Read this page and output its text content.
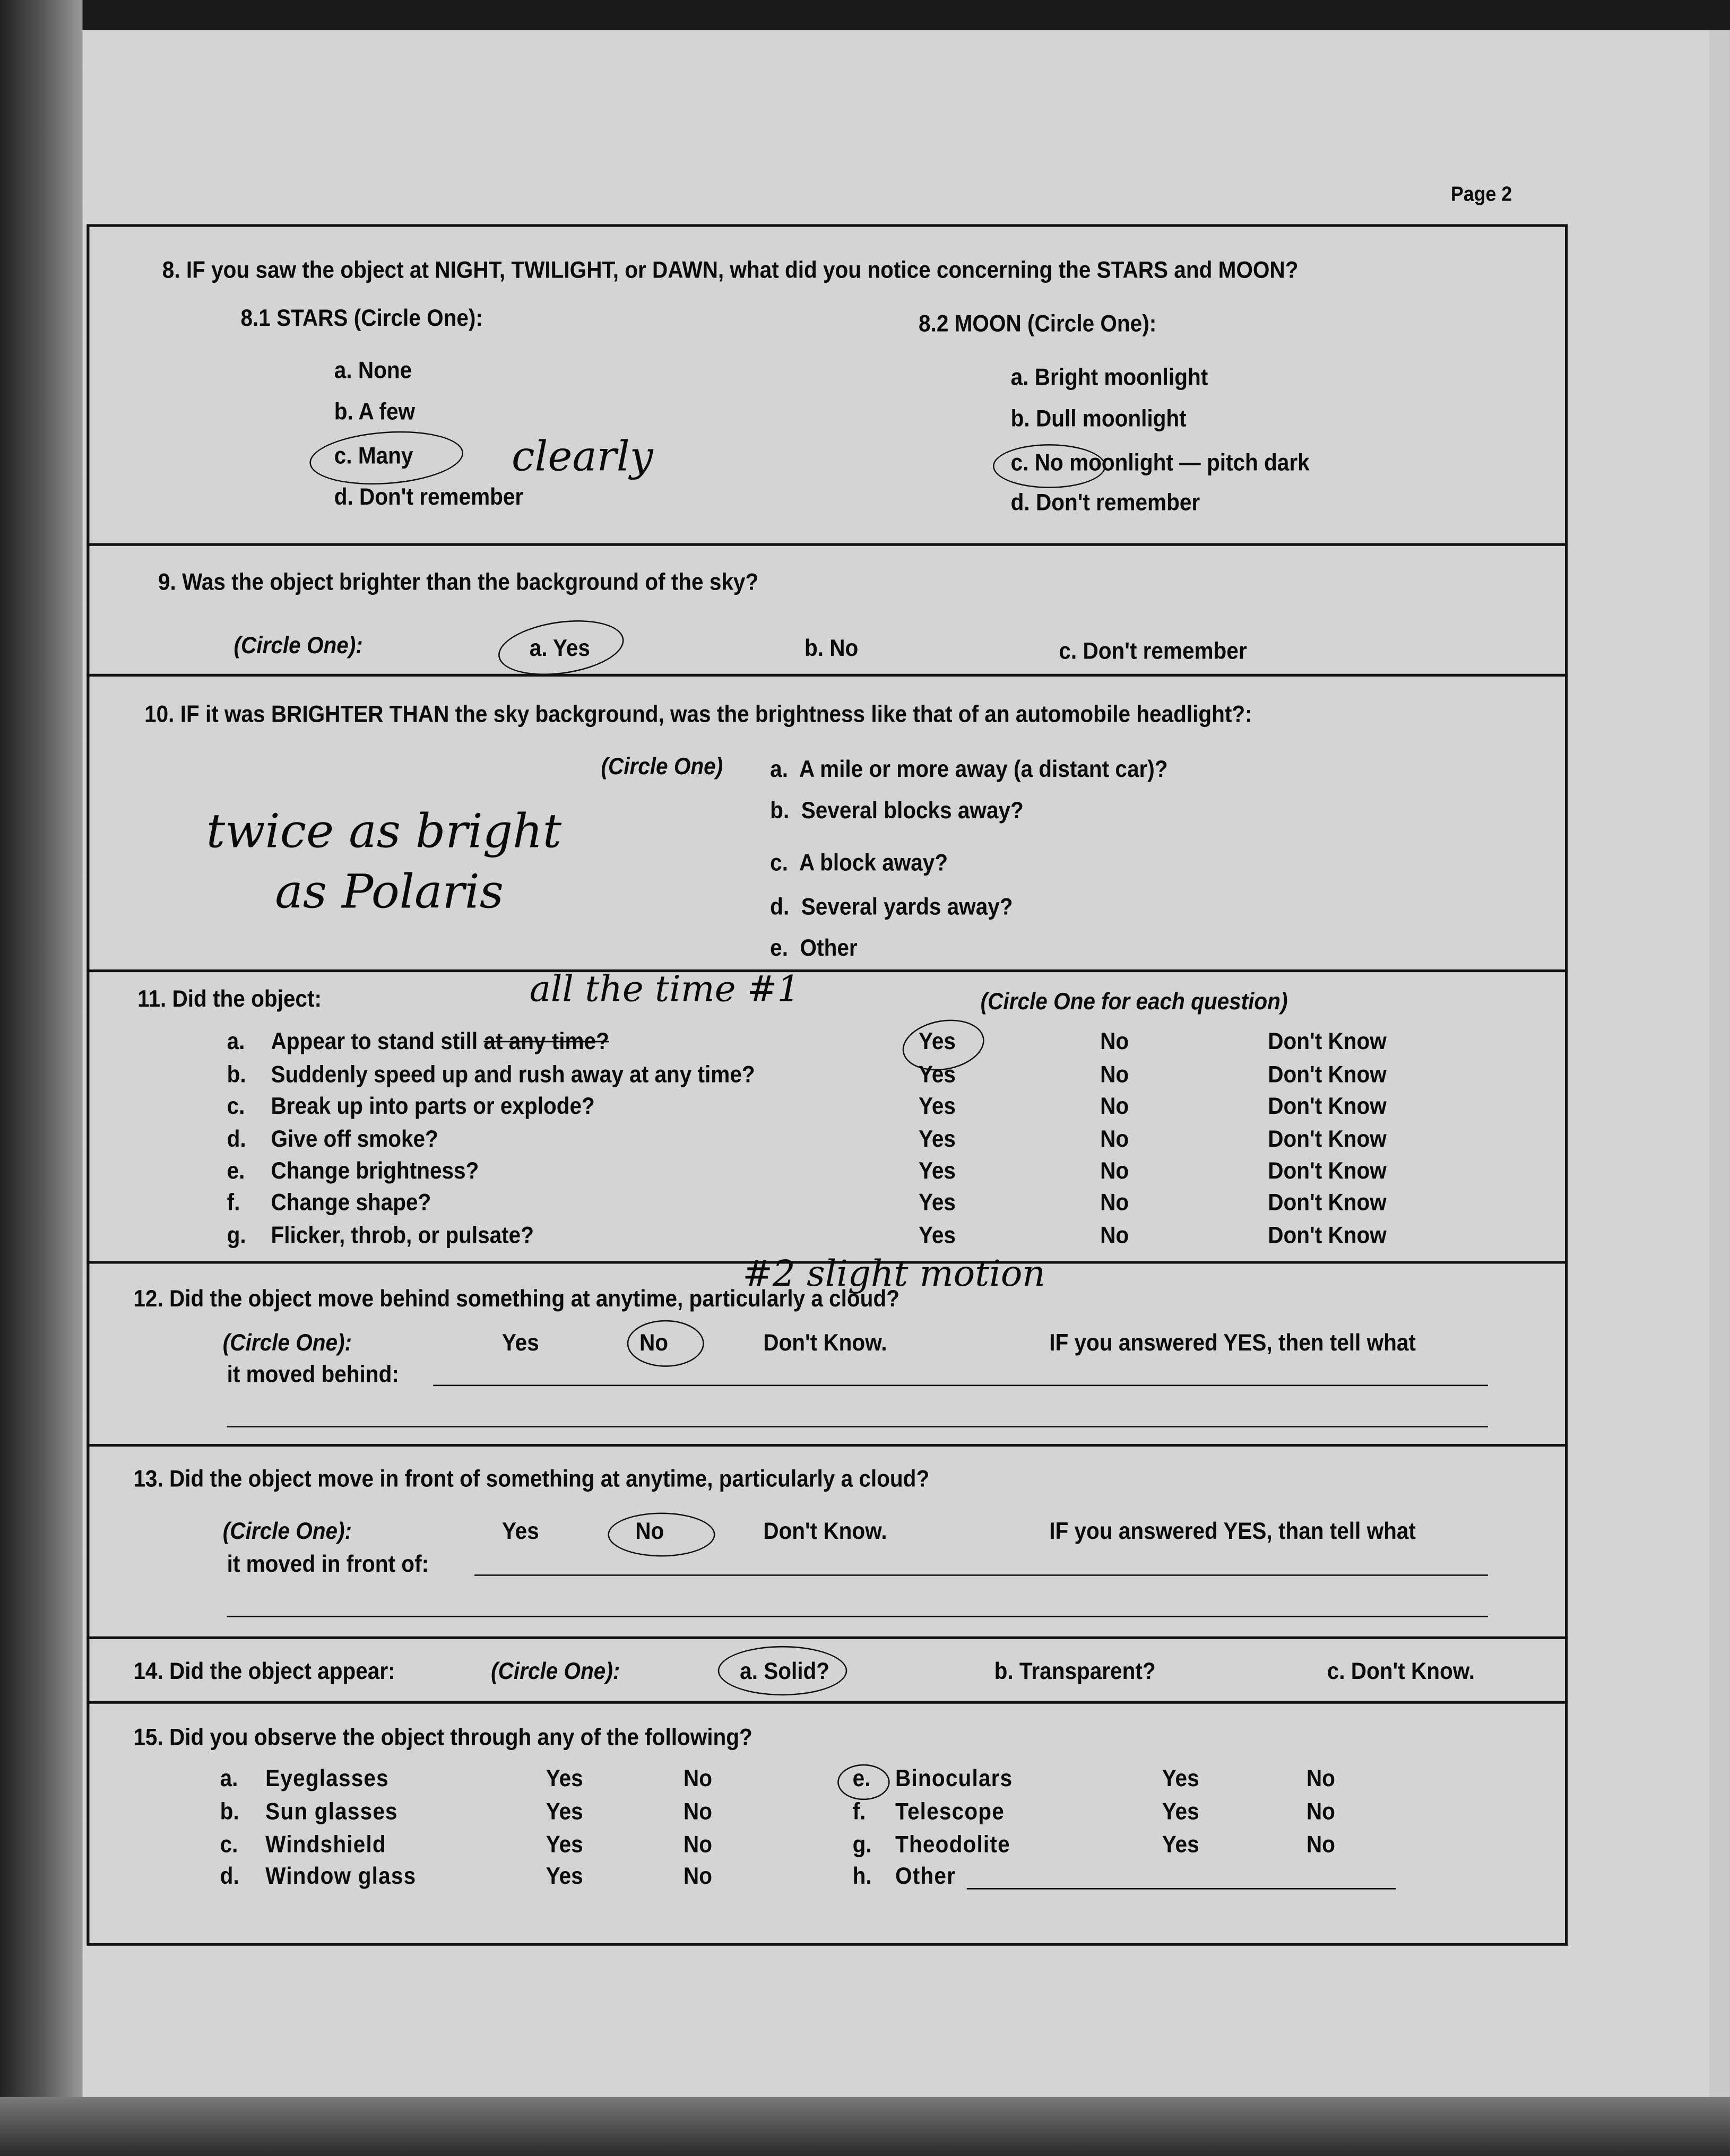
Page 2
8. IF you saw the object at NIGHT, TWILIGHT, or DAWN, what did you notice concerning the STARS and MOON?
8.1 STARS (Circle One):
a. None
b. A few
c. Many
d. Don't remember
clearly
8.2 MOON (Circle One):
a. Bright moonlight
b. Dull moonlight
c. No moonlight — pitch dark
d. Don't remember
9. Was the object brighter than the background of the sky?
(Circle One):	a. Yes	b. No	c. Don't remember
10. IF it was BRIGHTER THAN the sky background, was the brightness like that of an automobile headlight?:
(Circle One)	a. A mile or more away (a distant car)?
b. Several blocks away?
c. A block away?
d. Several yards away?
e. Other
twice as bright
as Polaris
11. Did the object:	all the time #1	(Circle One for each question)
12. Did the object move behind something at anytime, particularly a cloud?
#2 slight motion
(Circle One):	Yes	No	Don't Know.	IF you answered YES, then tell what
it moved behind:
13. Did the object move in front of something at anytime, particularly a cloud?
(Circle One):	Yes	No	Don't Know.	IF you answered YES, than tell what
it moved in front of:
14. Did the object appear:	(Circle One):	a. Solid?	b. Transparent?	c. Don't Know.
15. Did you observe the object through any of the following?
a.	Appear to stand still at any time?	Yes	No	Don't Know
b.	Suddenly speed up and rush away at any time?	Yes	No	Don't Know
c.	Break up into parts or explode?	Yes	No	Don't Know
d.	Give off smoke?	Yes	No	Don't Know
e.	Change brightness?	Yes	No	Don't Know
f.	Change shape?	Yes	No	Don't Know
g.	Flicker, throb, or pulsate?	Yes	No	Don't Know
a.	Eyeglasses	Yes	No
b.	Sun glasses	Yes	No
c.	Windshield	Yes	No
d.	Window glass	Yes	No
e.	Binoculars	Yes	No
f.	Telescope	Yes	No
g.	Theodolite	Yes	No
h.	Other
